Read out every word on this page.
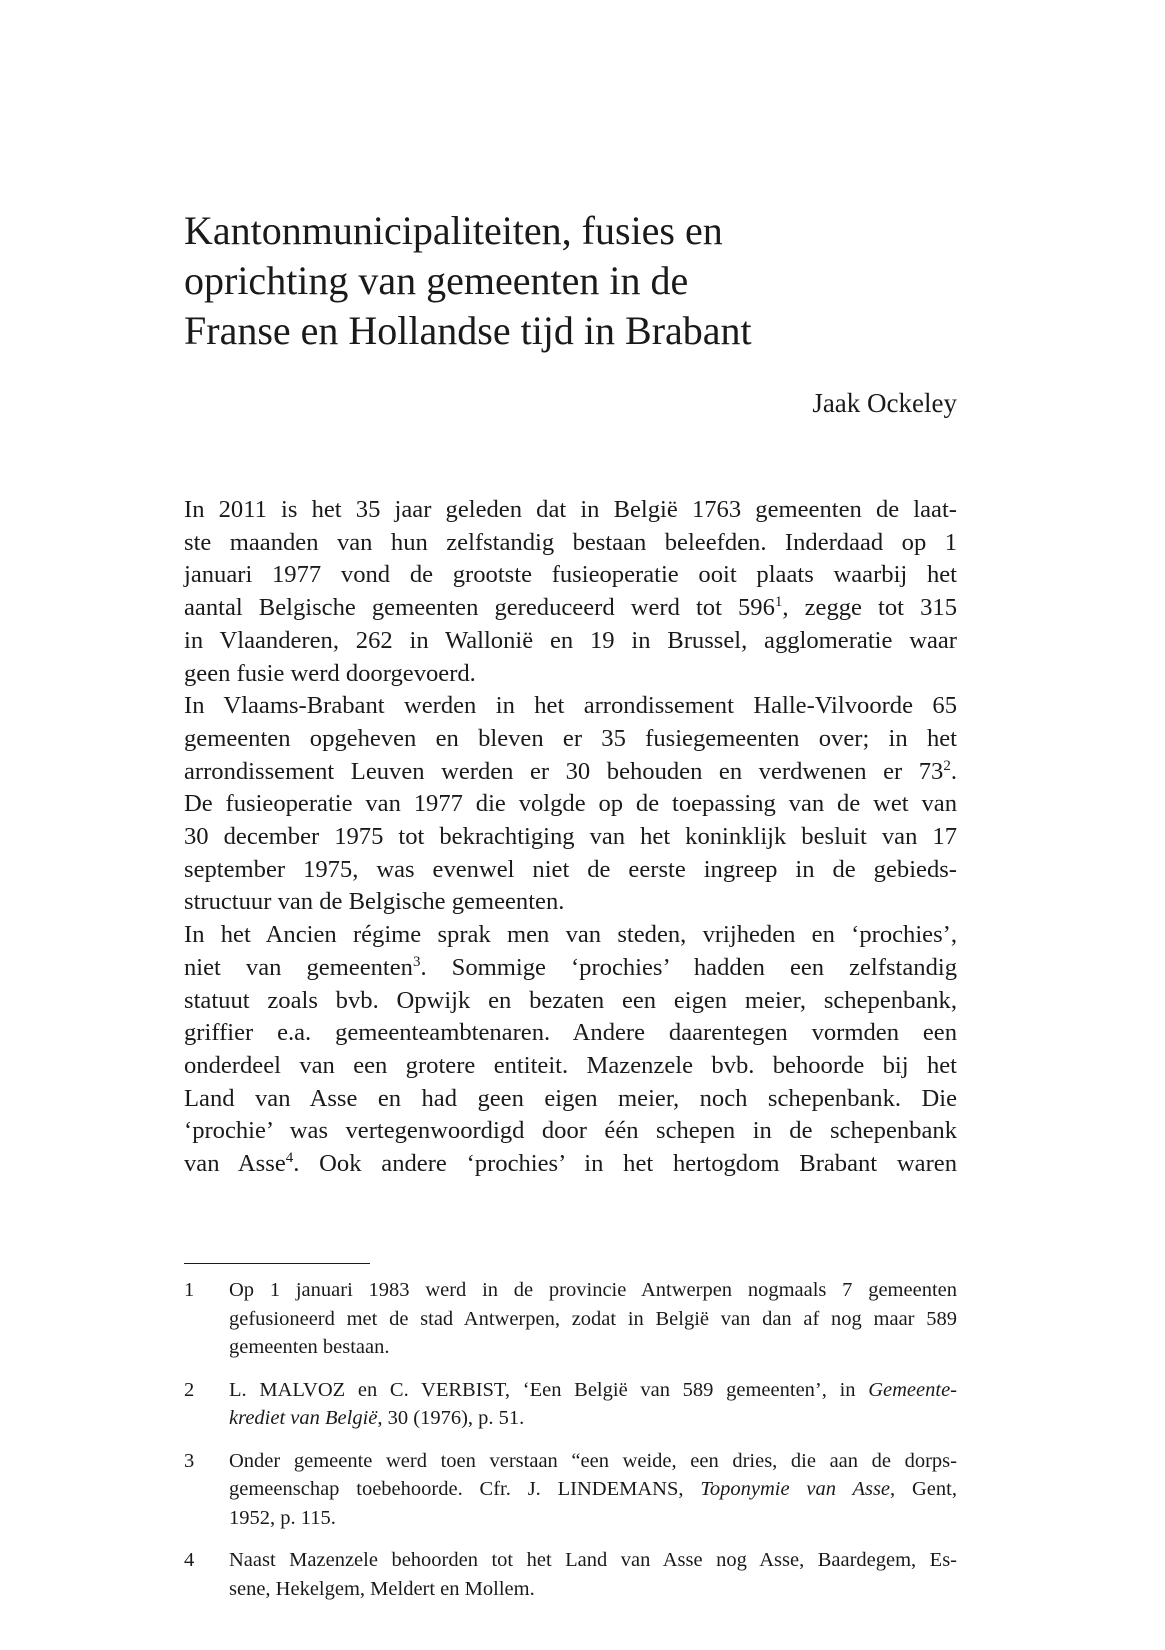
Kantonmunicipaliteiten, fusies en
oprichting van gemeenten in de
Franse en Hollandse tijd in Brabant
Jaak Ockeley

In 2011 is het 35 jaar geleden dat in België 1763 gemeenten de laat-
ste maanden van hun zelfstandig bestaan beleefden. Inderdaad op 1
januari 1977 vond de grootste fusieoperatie ooit plaats waarbij het
aantal Belgische gemeenten gereduceerd werd tot $596^1$, zegge tot 315
in Vlaanderen, 262 in Wallonië en 19 in Brussel, agglomeratie waar
geen fusie werd doorgevoerd.

In Vlaams-Brabant werden in het arrondissement Halle-Vilvoorde 65
gemeenten opgeheven en bleven er 35 fusiegemeenten over; in het
arrondissement Leuven werden er 30 behouden en verdwenen er $73^2$.
De fusieoperatie van 1977 die volgde op de toepassing van de wet van
30 december 1975 tot bekrachtiging van het koninklijk besluit van 17
september 1975, was evenwel niet de eerste ingreep in de gebieds-
structuur van de Belgische gemeenten.

In het Ancien régime sprak men van steden, vrijheden en ‘prochies’,
niet van gemeenten$^3$. Sommige ‘prochies’ hadden een zelfstandig
statuut zoals bvb. Opwijk en bezaten een eigen meier, schepenbank,
griffier e.a. gemeenteambtenaren. Andere daarentegen vormden een
onderdeel van een grotere entiteit. Mazenzele bvb. behoorde bij het
Land van Asse en had geen eigen meier, noch schepenbank. Die
‘prochie’ was vertegenwoordigd door één schepen in de schepenbank
van Asse$^4$. Ook andere ‘prochies’ in het hertogdom Brabant waren

1 Op 1 januari 1983 werd in de provincie Antwerpen nogmaals 7 gemeenten
gefusioneerd met de stad Antwerpen, zodat in België van dan af nog maar 589
gemeenten bestaan.
2 L. MALVOZ en C. VERBIST, ‘Een België van 589 gemeenten’, in Gemeente-
krediet van België, 30 (1976), p. 51.
3 Onder gemeente werd toen verstaan “een weide, een dries, die aan de dorps-
gemeenschap toebehoorde. Cfr. J. LINDEMANS, Toponymie van Asse, Gent,
1952, p. 115.
4 Naast Mazenzele behoorden tot het Land van Asse nog Asse, Baardegem, Es-
sene, Hekelgem, Meldert en Mollem.
